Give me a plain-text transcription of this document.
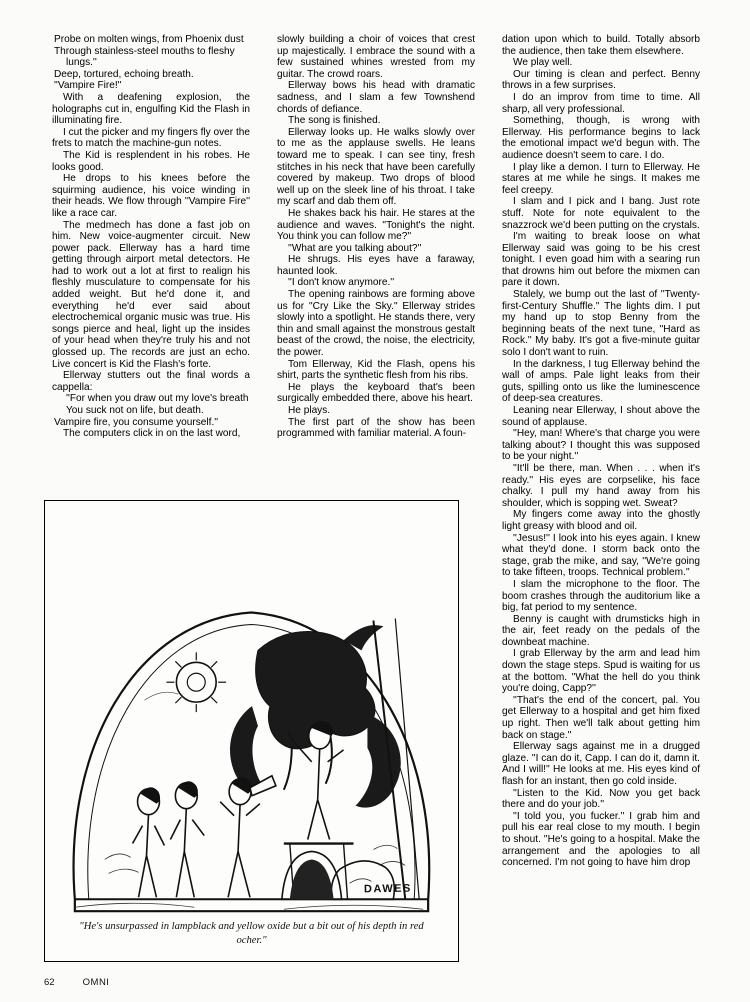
Probe on molten wings, from Phoenix dust

Through stainless-steel mouths to fleshy

lungs.''

Deep, tortured, echoing breath.

''Vampire Fire!''

With a deafening explosion, the holographs cut in, engulfing Kid the Flash in illuminating fire.

I cut the picker and my fingers fly over the frets to match the machine-gun notes.

The Kid is resplendent in his robes. He looks good.

He drops to his knees before the squirming audience, his voice winding in their heads. We flow through ''Vampire Fire'' like a race car.

The medmech has done a fast job on him. New voice-augmenter circuit. New power pack. Ellerway has a hard time getting through airport metal detectors. He had to work out a lot at first to realign his fleshly musculature to compensate for his added weight. But he'd done it, and everything he'd ever said about electrochemical organic music was true. His songs pierce and heal, light up the insides of your head when they're truly his and not glossed up. The records are just an echo. Live concert is Kid the Flash's forte.

Ellerway stutters out the final words a cappella:

''For when you draw out my love's breath

You suck not on life, but death.

Vampire fire, you consume yourself.''

The computers click in on the last word,

slowly building a choir of voices that crest up majestically. I embrace the sound with a few sustained whines wrested from my guitar. The crowd roars.

Ellerway bows his head with dramatic sadness, and I slam a few Townshend chords of defiance.

The song is finished.

Ellerway looks up. He walks slowly over to me as the applause swells. He leans toward me to speak. I can see tiny, fresh stitches in his neck that have been carefully covered by makeup. Two drops of blood well up on the sleek line of his throat. I take my scarf and dab them off.

He shakes back his hair. He stares at the audience and waves. ''Tonight's the night. You think you can follow me?''

''What are you talking about?''

He shrugs. His eyes have a faraway, haunted look.

''I don't know anymore.''

The opening rainbows are forming above us for ''Cry Like the Sky.'' Ellerway strides slowly into a spotlight. He stands there, very thin and small against the monstrous gestalt beast of the crowd, the noise, the electricity, the power.

Tom Ellerway, Kid the Flash, opens his shirt, parts the synthetic flesh from his ribs.

He plays the keyboard that's been surgically embedded there, above his heart.

He plays.

The first part of the show has been programmed with familiar material. A foun-

dation upon which to build. Totally absorb the audience, then take them elsewhere.

We play well.

Our timing is clean and perfect. Benny throws in a few surprises.

I do an improv from time to time. All sharp, all very professional.

Something, though, is wrong with Ellerway. His performance begins to lack the emotional impact we'd begun with. The audience doesn't seem to care. I do.

I play like a demon. I turn to Ellerway. He stares at me while he sings. It makes me feel creepy.

I slam and I pick and I bang. Just rote stuff. Note for note equivalent to the snazzrock we'd been putting on the crystals.

I'm waiting to break loose on what Ellerway said was going to be his crest tonight. I even goad him with a searing run that drowns him out before the mixmen can pare it down.

Stalely, we bump out the last of ''Twenty-first-Century Shuffle.'' The lights dim. I put my hand up to stop Benny from the beginning beats of the next tune, ''Hard as Rock.'' My baby. It's got a five-minute guitar solo I don't want to ruin.

In the darkness, I tug Ellerway behind the wall of amps. Pale light leaks from their guts, spilling onto us like the luminescence of deep-sea creatures.

Leaning near Ellerway, I shout above the sound of applause.

''Hey, man! Where's that charge you were talking about? I thought this was supposed to be your night.''

''It'll be there, man. When . . . when it's ready.'' His eyes are corpselike, his face chalky. I pull my hand away from his shoulder, which is sopping wet. Sweat?

My fingers come away into the ghostly light greasy with blood and oil.

''Jesus!'' I look into his eyes again. I knew what they'd done. I storm back onto the stage, grab the mike, and say, ''We're going to take fifteen, troops. Technical problem.''

I slam the microphone to the floor. The boom crashes through the auditorium like a big, fat period to my sentence.

Benny is caught with drumsticks high in the air, feet ready on the pedals of the downbeat machine.

I grab Ellerway by the arm and lead him down the stage steps. Spud is waiting for us at the bottom. ''What the hell do you think you're doing, Capp?''

''That's the end of the concert, pal. You get Ellerway to a hospital and get him fixed up right. Then we'll talk about getting him back on stage.''

Ellerway sags against me in a drugged glaze. ''I can do it, Capp. I can do it, damn it. And I will!'' He looks at me. His eyes kind of flash for an instant, then go cold inside.

''Listen to the Kid. Now you get back there and do your job.''

''I told you, you fucker.'' I grab him and pull his ear real close to my mouth. I begin to shout. ''He's going to a hospital. Make the arrangement and the apologies to all concerned. I'm not going to have him drop

DAWES
"He's unsurpassed in lampblack and yellow oxide but a bit out of his depth in red ocher."
62	OMNI
